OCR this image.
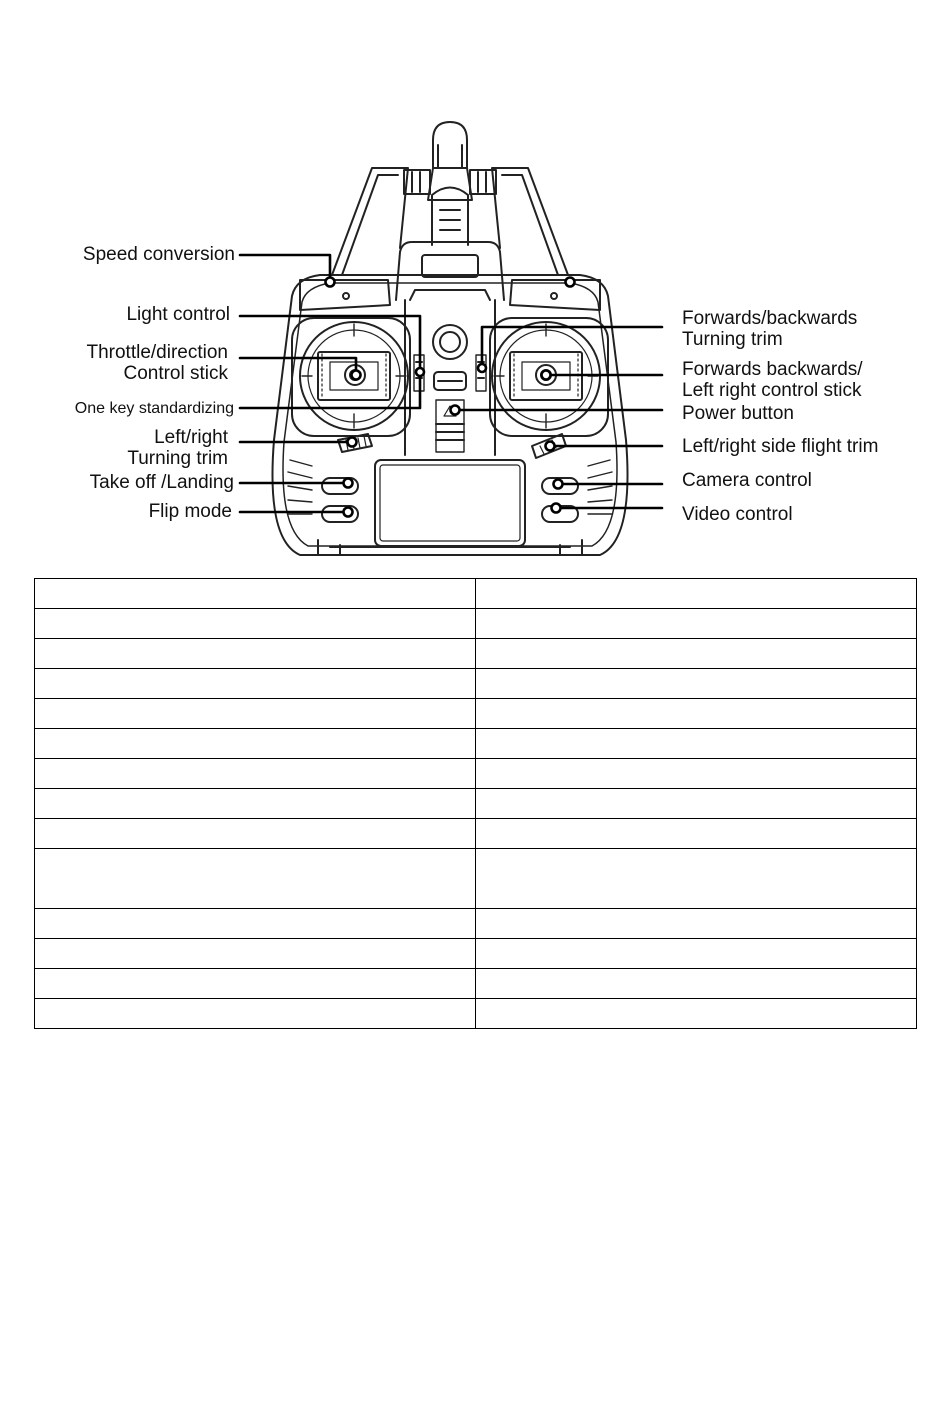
Speed conversion
Light control
Throttle/direction
Control stick
One key standardizing
Left/right
Turning trim
Take off /Landing
Flip mode
Forwards/backwards
Turning trim
Forwards backwards/
Left right control stick
Power button
Left/right side flight trim
Camera control
Video control
